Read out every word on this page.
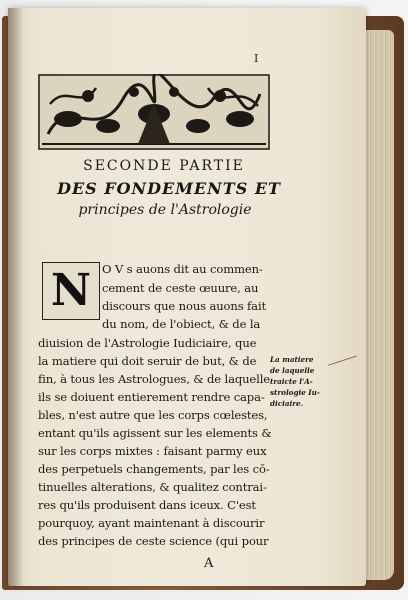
I
SECONDE PARTIE
DES FONDEMENTS ET
principes de l'Astrologie
N O V s auons dit au commen-
cement de ceste œuure, au
discours que nous auons fait
du nom, de l'obiect, & de la
diuision de l'Astrologie Iudiciaire, que
la matiere qui doit seruir de but, & de
fin, à tous les Astrologues, & de laquelle
ils se doiuent entierement rendre capa-
bles, n'est autre que les corps cœlestes,
entant qu'ils agissent sur les elements &
sur les corps mixtes : faisant parmy eux
des perpetuels changements, par les cō-
tinuelles alterations, & qualitez contrai-
res qu'ils produisent dans iceux. C'est
pourquoy, ayant maintenant à discourir
des principes de ceste science (qui pour
La matiere
de laquelle
traicte l'A-
strologie Iu-
diciaire.
A
